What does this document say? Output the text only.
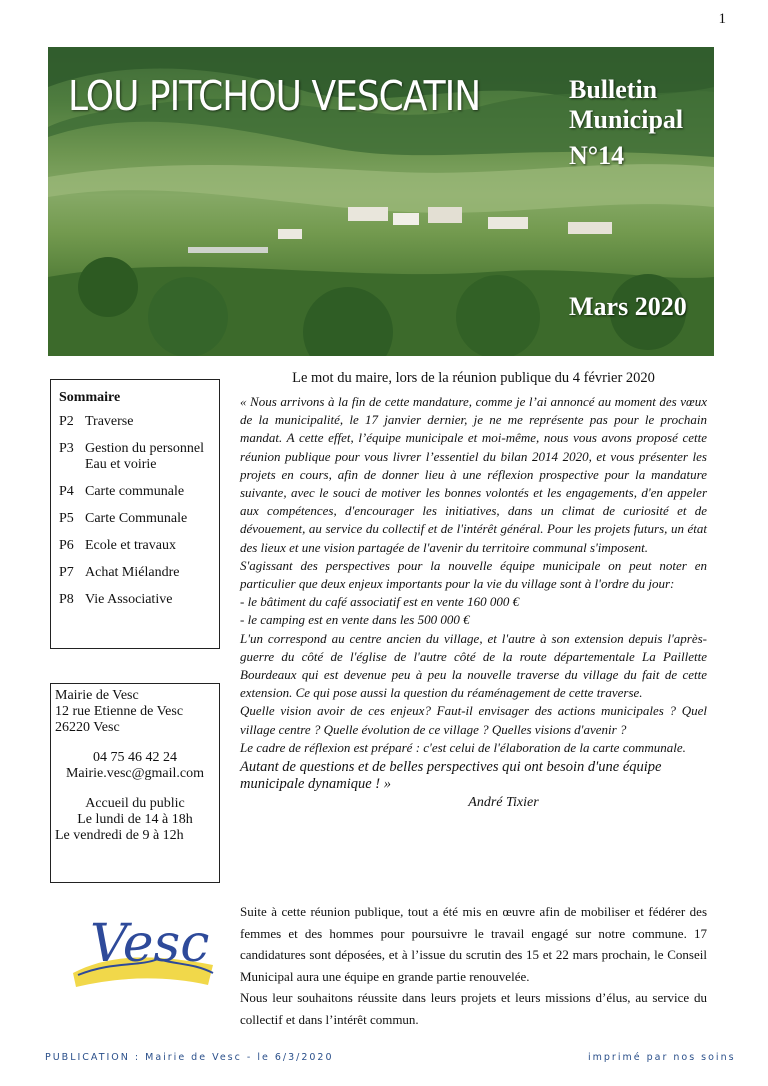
1
LOU PITCHOU VESCATIN	Bulletin
Municipal

N°14
Mars 2020
Sommaire
P2 Traverse
P3 Gestion du personnel
Eau et voirie
P4 Carte communale
P5 Carte Communale
P6 Ecole et travaux
P7 Achat Miélandre
P8 Vie Associative
Mairie de Vesc
12 rue Etienne de Vesc
26220 Vesc
04 75 46 42 24
Mairie.vesc@gmail.com
Accueil du public
Le lundi de 14 à 18h
Le vendredi de 9 à 12h
Vesc
Le mot du maire, lors de la réunion publique du 4 février 2020

« Nous arrivons à la fin de cette mandature, comme je l’ai annoncé au moment des vœux de la municipalité, le 17 janvier dernier, je ne me représente pas pour le prochain mandat. A cette effet, l’équipe municipale et moi-même, nous vous avons proposé cette réunion publique pour vous livrer l’essentiel du bilan 2014 2020, et vous présenter les projets en cours, afin de donner lieu à une réflexion prospective pour la mandature suivante, avec le souci de motiver les bonnes volontés et les engagements, d'en appeler aux compétences, d'encourager les initiatives, dans un climat de curiosité et de dévouement, au service du collectif et de l'intérêt général. Pour les projets futurs, un état des lieux et une vision partagée de l'avenir du territoire communal s'imposent.
S'agissant des perspectives pour la nouvelle équipe municipale on peut noter en particulier que deux enjeux importants pour la vie du village sont à l'ordre du jour:
- le bâtiment du café associatif est en vente 160 000 €
- le camping est en vente dans les 500 000 €
L'un correspond au centre ancien du village, et l'autre à son extension depuis l'après-guerre du côté de l'église de l'autre côté de la route départementale La Paillette Bourdeaux qui est devenue peu à peu la nouvelle traverse du village du fait de cette extension. Ce qui pose aussi la question du réaménagement de cette traverse.
Quelle vision avoir de ces enjeux? Faut-il envisager des actions municipales ? Quel village centre ? Quelle évolution de ce village ? Quelles visions d'avenir ?
Le cadre de réflexion est préparé : c'est celui de l'élaboration de la carte communale.

Autant de questions et de belles perspectives qui ont besoin d'une équipe municipale dynamique ! »

André Tixier

Suite à cette réunion publique, tout a été mis en œuvre afin de mobiliser et fédérer des femmes et des hommes pour poursuivre le travail engagé sur notre commune. 17 candidatures sont déposées, et à l’issue du scrutin des 15 et 22 mars prochain, le Conseil Municipal aura une équipe en grande partie renouvelée.
Nous leur souhaitons réussite dans leurs projets et leurs missions d’élus, au service du collectif et dans l’intérêt commun.

PUBLICATION : Mairie de Vesc - le 6/3/2020	imprimé par nos soins
